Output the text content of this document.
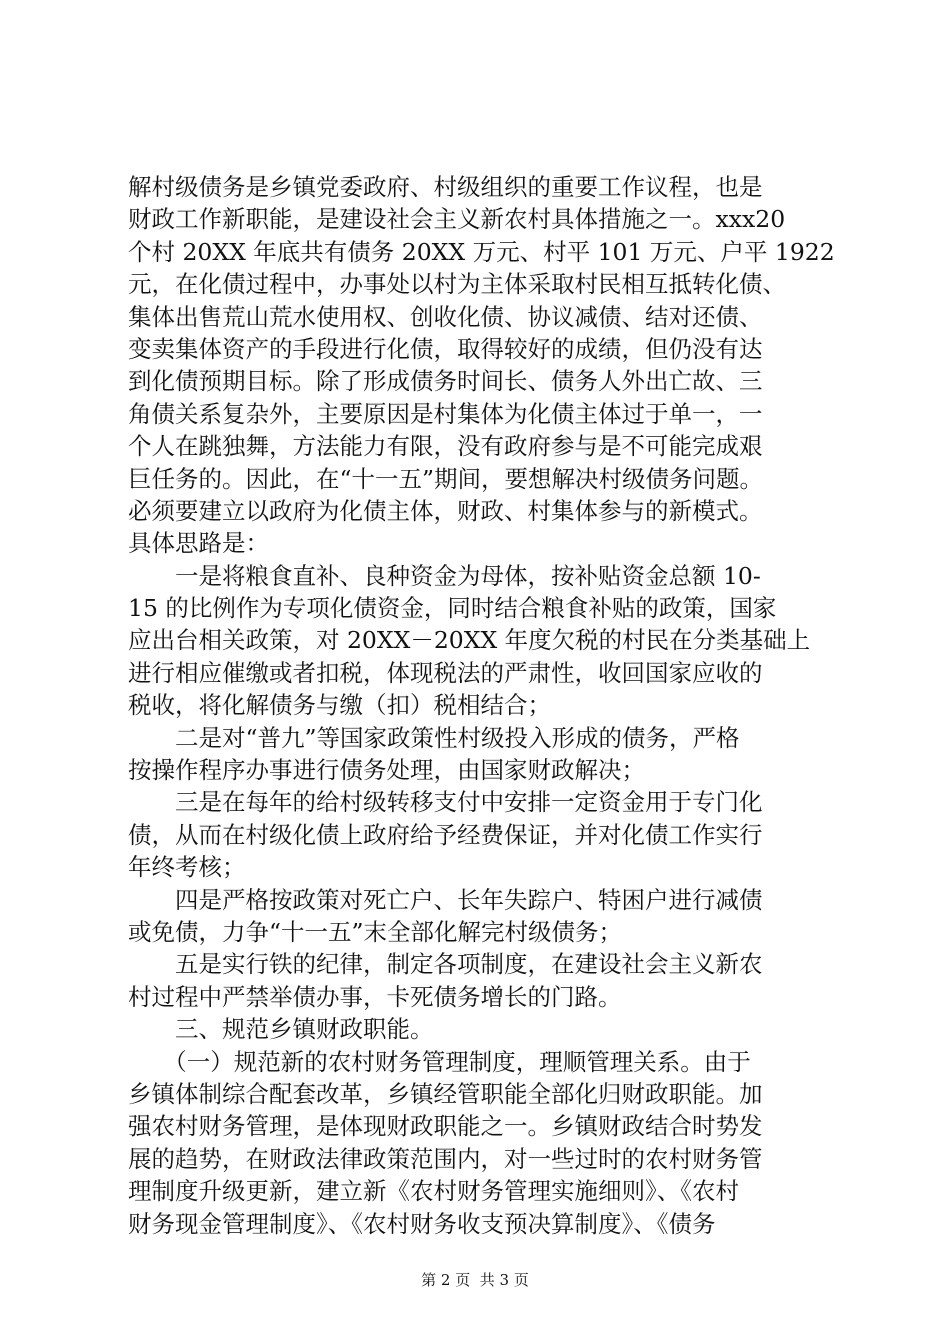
解村级债务是乡镇党委政府、村级组织的重要工作议程，也是
财政工作新职能，是建设社会主义新农村具体措施之一。xxx20
个村 20XX 年底共有债务 20XX 万元、村平 101 万元、户平 1922
元，在化债过程中，办事处以村为主体采取村民相互抵转化债、
集体出售荒山荒水使用权、创收化债、协议减债、结对还债、
变卖集体资产的手段进行化债，取得较好的成绩，但仍没有达
到化债预期目标。除了形成债务时间长、债务人外出亡故、三
角债关系复杂外，主要原因是村集体为化债主体过于单一，一
个人在跳独舞，方法能力有限，没有政府参与是不可能完成艰
巨任务的。因此，在“十一五”期间，要想解决村级债务问题。
必须要建立以政府为化债主体，财政、村集体参与的新模式。
具体思路是：
　　一是将粮食直补、良种资金为母体，按补贴资金总额 10-
15 的比例作为专项化债资金，同时结合粮食补贴的政策，国家
应出台相关政策，对 20XX－20XX 年度欠税的村民在分类基础上
进行相应催缴或者扣税，体现税法的严肃性，收回国家应收的
税收，将化解债务与缴（扣）税相结合；
　　二是对“普九”等国家政策性村级投入形成的债务，严格
按操作程序办事进行债务处理，由国家财政解决；
　　三是在每年的给村级转移支付中安排一定资金用于专门化
债，从而在村级化债上政府给予经费保证，并对化债工作实行
年终考核；
　　四是严格按政策对死亡户、长年失踪户、特困户进行减债
或免债，力争“十一五”末全部化解完村级债务；
　　五是实行铁的纪律，制定各项制度，在建设社会主义新农
村过程中严禁举债办事，卡死债务增长的门路。
　　三、规范乡镇财政职能。
　　（一）规范新的农村财务管理制度，理顺管理关系。由于
乡镇体制综合配套改革，乡镇经管职能全部化归财政职能。加
强农村财务管理，是体现财政职能之一。乡镇财政结合时势发
展的趋势，在财政法律政策范围内，对一些过时的农村财务管
理制度升级更新，建立新《农村财务管理实施细则》、《农村
财务现金管理制度》、《农村财务收支预决算制度》、《债务
第 2 页  共 3 页
